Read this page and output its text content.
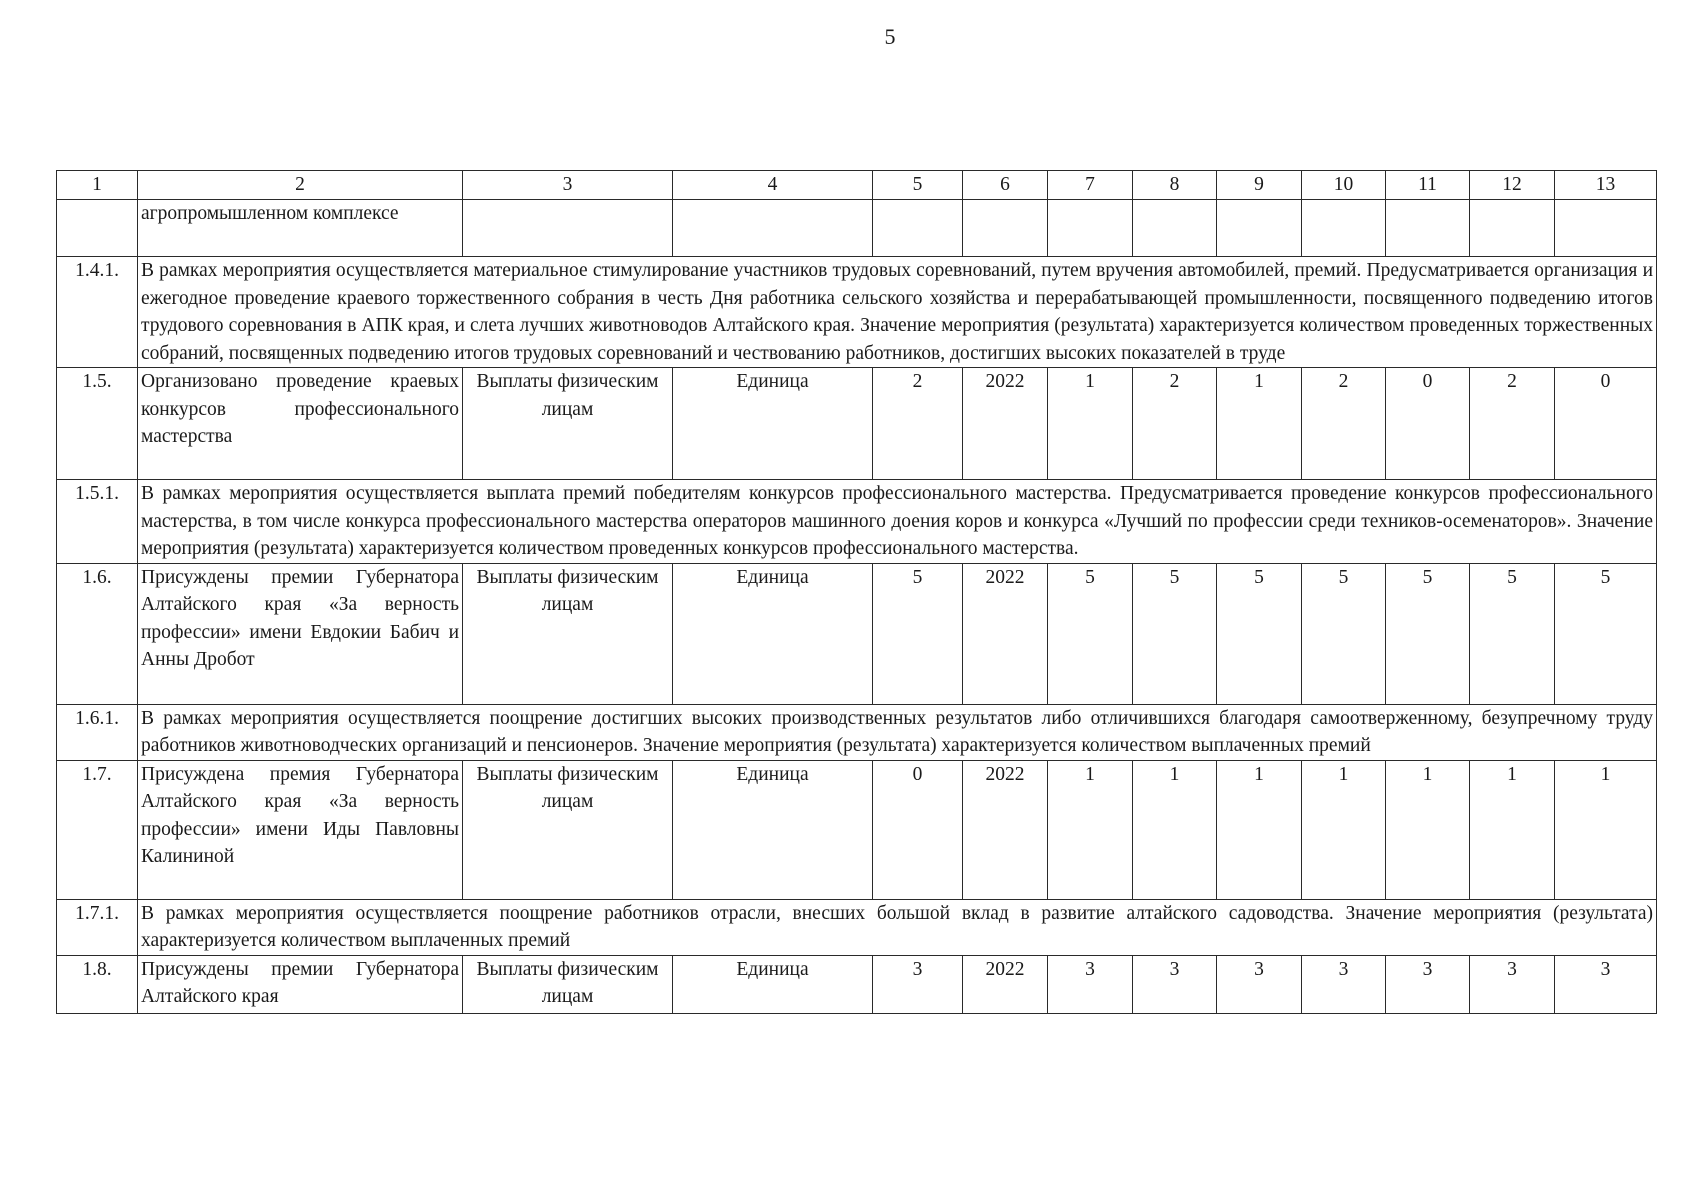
5
1	2	3	4	5	6	7	8	9	10	11	12	13
	агропромышленном комплексе											
1.4.1.	В рамках мероприятия осуществляется материальное стимулирование участников трудовых соревнований, путем вручения автомобилей, премий. Предусматривается организация и ежегодное проведение краевого торжественного собрания в честь Дня работника сельского хозяйства и перерабатывающей промышленности, посвященного подведению итогов трудового соревнования в АПК края, и слета лучших животноводов Алтайского края. Значение мероприятия (результата) характеризуется количеством проведенных торжественных собраний, посвященных подведению итогов трудовых соревнований и чествованию работников, достигших высоких показателей в труде											
1.5.	Организовано проведение краевых конкурсов профессионального мастерства	Выплаты физическим лицам	Единица	2	2022	1	2	1	2	0	2	0
1.5.1.	В рамках мероприятия осуществляется выплата премий победителям конкурсов профессионального мастерства. Предусматривается проведение конкурсов профессионального мастерства, в том числе конкурса профессионального мастерства операторов машинного доения коров и конкурса «Лучший по профессии среди техников-осеменаторов». Значение мероприятия (результата) характеризуется количеством проведенных конкурсов профессионального мастерства.											
1.6.	Присуждены премии Губернатора Алтайского края «За верность профессии» имени Евдокии Бабич и Анны Дробот	Выплаты физическим лицам	Единица	5	2022	5	5	5	5	5	5	5
1.6.1.	В рамках мероприятия осуществляется поощрение достигших высоких производственных результатов либо отличившихся благодаря самоотверженному, безупречному труду работников животноводческих организаций и пенсионеров. Значение мероприятия (результата) характеризуется количеством выплаченных премий											
1.7.	Присуждена премия Губернатора Алтайского края «За верность профессии» имени Иды Павловны Калининой	Выплаты физическим лицам	Единица	0	2022	1	1	1	1	1	1	1
1.7.1.	В рамках мероприятия осуществляется поощрение работников отрасли, внесших большой вклад в развитие алтайского садоводства. Значение мероприятия (результата) характеризуется количеством выплаченных премий											
1.8.	Присуждены премии Губернатора Алтайского края	Выплаты физическим лицам	Единица	3	2022	3	3	3	3	3	3	3
